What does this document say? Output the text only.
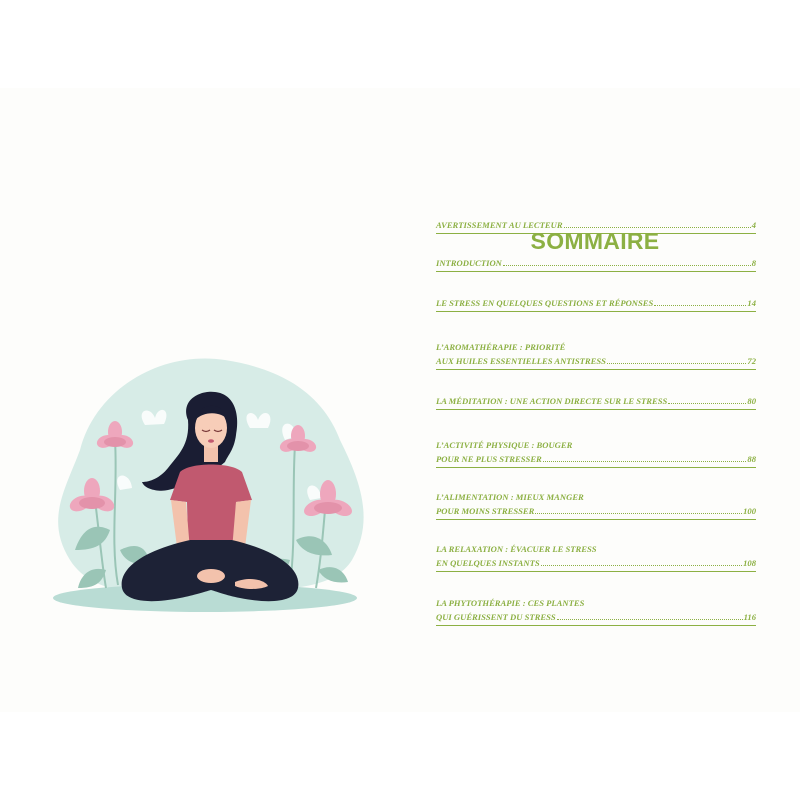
SOMMAIRE
AVERTISSEMENT AU LECTEUR	4
INTRODUCTION	8
LE STRESS EN QUELQUES QUESTIONS ET RÉPONSES	14
L’AROMATHÉRAPIE : PRIORITÉ
AUX HUILES ESSENTIELLES ANTISTRESS	72
LA MÉDITATION : UNE ACTION DIRECTE SUR LE STRESS	80
L’ACTIVITÉ PHYSIQUE : BOUGER
POUR NE PLUS STRESSER	88
L’ALIMENTATION : MIEUX MANGER
POUR MOINS STRESSER	100
LA RELAXATION : ÉVACUER LE STRESS
EN QUELQUES INSTANTS	108
LA PHYTOTHÉRAPIE : CES PLANTES
QUI GUÉRISSENT DU STRESS	116
